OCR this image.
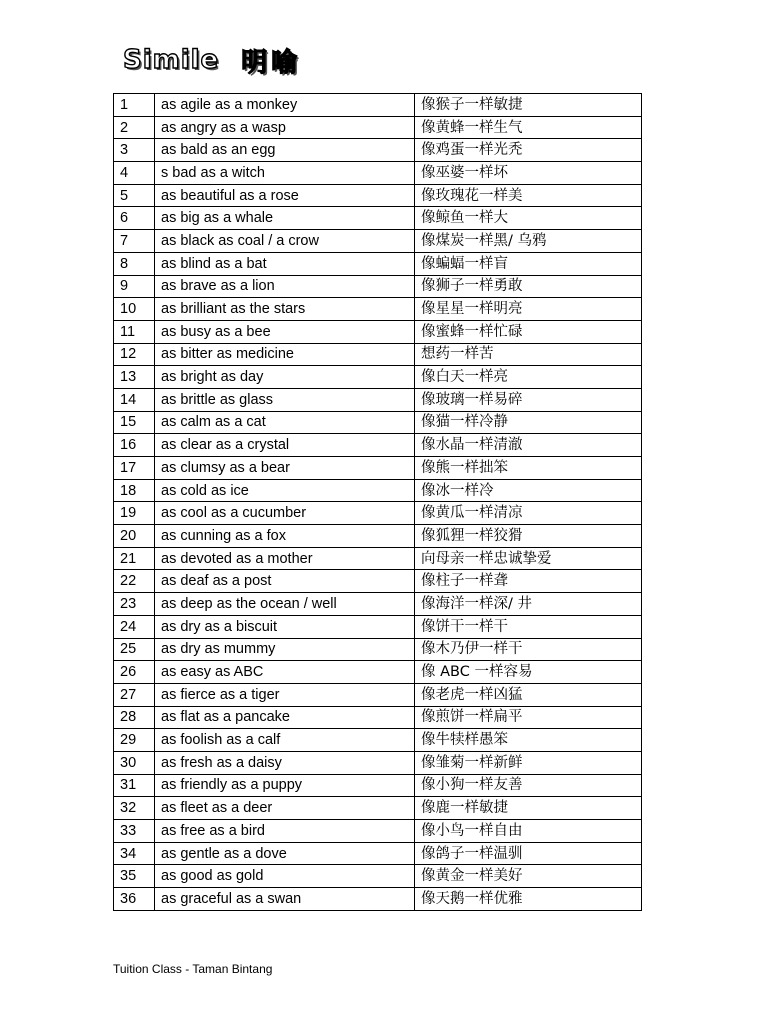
Simile 明喻
1	as agile as a monkey	像猴子一样敏捷
2	as angry as a wasp	像黄蜂一样生气
3	as bald as an egg	像鸡蛋一样光秃
4	s bad as a witch	像巫婆一样坏
5	as beautiful as a rose	像玫瑰花一样美
6	as big as a whale	像鲸鱼一样大
7	as black as coal / a crow	像煤炭一样黑/ 乌鸦
8	as blind as a bat	像蝙蝠一样盲
9	as brave as a lion	像狮子一样勇敢
10	as brilliant as the stars	像星星一样明亮
11	as busy as a bee	像蜜蜂一样忙碌
12	as bitter as medicine	想药一样苦
13	as bright as day	像白天一样亮
14	as brittle as glass	像玻璃一样易碎
15	as calm as a cat	像猫一样冷静
16	as clear as a crystal	像水晶一样清澈
17	as clumsy as a bear	像熊一样拙笨
18	as cold as ice	像冰一样冷
19	as cool as a cucumber	像黄瓜一样清凉
20	as cunning as a fox	像狐狸一样狡猾
21	as devoted as a mother	向母亲一样忠诚挚爱
22	as deaf as a post	像柱子一样聋
23	as deep as the ocean / well	像海洋一样深/ 井
24	as dry as a biscuit	像饼干一样干
25	as dry as mummy	像木乃伊一样干
26	as easy as ABC	像 ABC 一样容易
27	as fierce as a tiger	像老虎一样凶猛
28	as flat as a pancake	像煎饼一样扁平
29	as foolish as a calf	像牛犊样愚笨
30	as fresh as a daisy	像雏菊一样新鲜
31	as friendly as a puppy	像小狗一样友善
32	as fleet as a deer	像鹿一样敏捷
33	as free as a bird	像小鸟一样自由
34	as gentle as a dove	像鸽子一样温驯
35	as good as gold	像黄金一样美好
36	as graceful as a swan	像天鹅一样优雅
Tuition Class - Taman Bintang
